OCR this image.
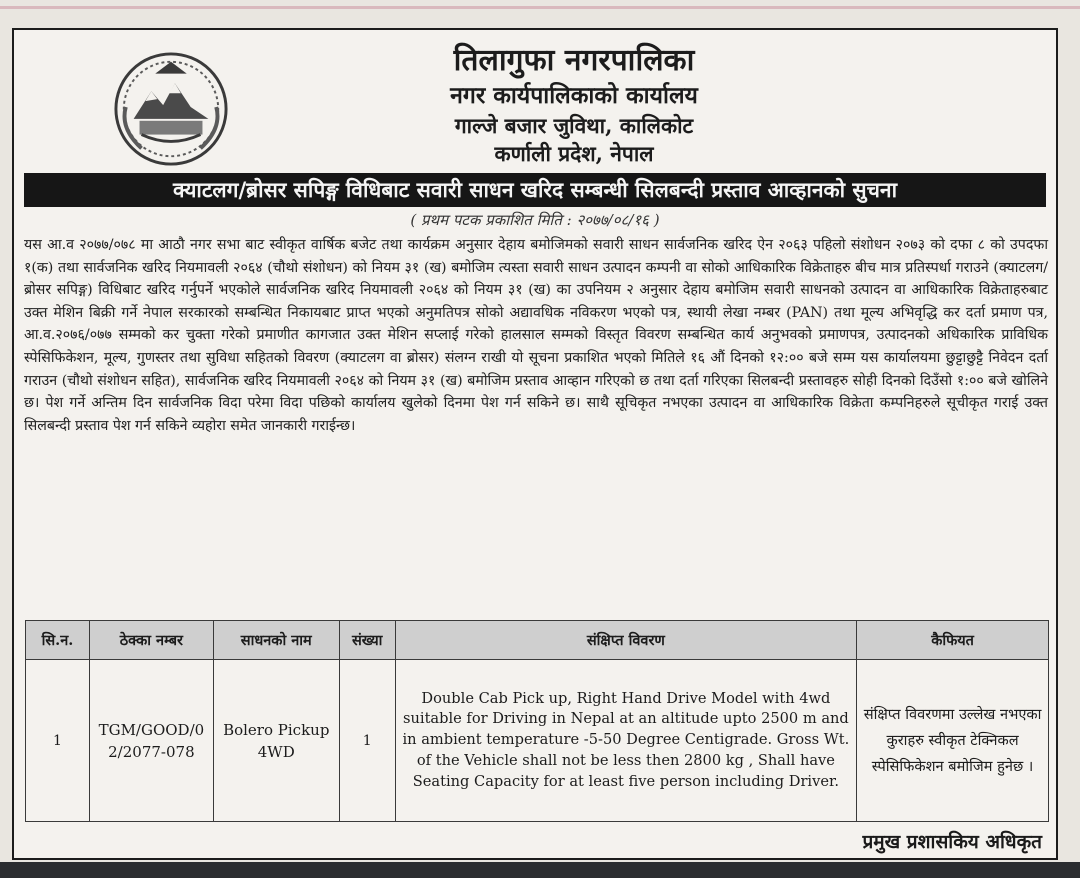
तिलागुफा नगरपालिका
नगर कार्यपालिकाको कार्यालय
गाल्जे बजार जुविथा, कालिकोट
कर्णाली प्रदेश, नेपाल
क्याटलग/ब्रोसर सपिङ्ग विधिबाट सवारी साधन खरिद सम्बन्धी सिलबन्दी प्रस्ताव आव्हानको सुचना
( प्रथम पटक प्रकाशित मिति : २०७७/०८/१६ )
यस आ.व २०७७/०७८ मा आठौ नगर सभा बाट स्वीकृत वार्षिक बजेट तथा कार्यक्रम अनुसार देहाय बमोजिमको सवारी साधन सार्वजनिक खरिद ऐन २०६३ पहिलो संशोधन २०७३ को दफा ८ को उपदफा १(क) तथा सार्वजनिक खरिद नियमावली २०६४ (चौथो संशोधन) को नियम ३१ (ख) बमोजिम त्यस्ता सवारी साधन उत्पादन कम्पनी वा सोको आधिकारिक विक्रेताहरु बीच मात्र प्रतिस्पर्धा गराउने (क्याटलग/ब्रोसर सपिङ्ग) विधिबाट खरिद गर्नुपर्ने भएकोले सार्वजनिक खरिद नियमावली २०६४ को नियम ३१ (ख) का उपनियम २ अनुसार देहाय बमोजिम सवारी साधनको उत्पादन वा आधिकारिक विक्रेताहरुबाट उक्त मेशिन बिक्री गर्ने नेपाल सरकारको सम्बन्धित निकायबाट प्राप्त भएको अनुमतिपत्र सोको अद्यावधिक नविकरण भएको पत्र, स्थायी लेखा नम्बर (PAN) तथा मूल्य अभिवृद्धि कर दर्ता प्रमाण पत्र, आ.व.२०७६/०७७ सम्मको कर चुक्ता गरेको प्रमाणीत कागजात उक्त मेशिन सप्लाई गरेको हालसाल सम्मको विस्तृत विवरण सम्बन्धित कार्य अनुभवको प्रमाणपत्र, उत्पादनको अधिकारिक प्राविधिक स्पेसिफिकेशन, मूल्य, गुणस्तर तथा सुविधा सहितको विवरण (क्याटलग वा ब्रोसर) संलग्न राखी यो सूचना प्रकाशित भएको मितिले १६ औं दिनको १२:०० बजे सम्म यस कार्यालयमा छुट्टाछुट्टै निवेदन दर्ता गराउन (चौथो संशोधन सहित), सार्वजनिक खरिद नियमावली २०६४ को नियम ३१ (ख) बमोजिम प्रस्ताव आव्हान गरिएको छ तथा दर्ता गरिएका सिलबन्दी प्रस्तावहरु सोही दिनको दिउँसो १:०० बजे खोलिने छ। पेश गर्ने अन्तिम दिन सार्वजनिक विदा परेमा विदा पछिको कार्यालय खुलेको दिनमा पेश गर्न सकिने छ। साथै सूचिकृत नभएका उत्पादन वा आधिकारिक विक्रेता कम्पनिहरुले सूचीकृत गराई उक्त सिलबन्दी प्रस्ताव पेश गर्न सकिने व्यहोरा समेत जानकारी गराईन्छ।
सि.न.	ठेक्का नम्बर	साधनको नाम	संख्या	संक्षिप्त विवरण	कैफियत
1	TGM/GOOD/02/2077-078	Bolero Pickup 4WD	1	Double Cab Pick up, Right Hand Drive Model with 4wd suitable for Driving in Nepal at an altitude upto 2500 m and in ambient temperature -5-50 Degree Centigrade. Gross Wt. of the Vehicle shall not be less then 2800 kg , Shall have Seating Capacity for at least five person including Driver.	संक्षिप्त विवरणमा उल्लेख नभएका कुराहरु स्वीकृत टेक्निकल स्पेसिफिकेशन बमोजिम हुनेछ ।
प्रमुख प्रशासकिय अधिकृत
